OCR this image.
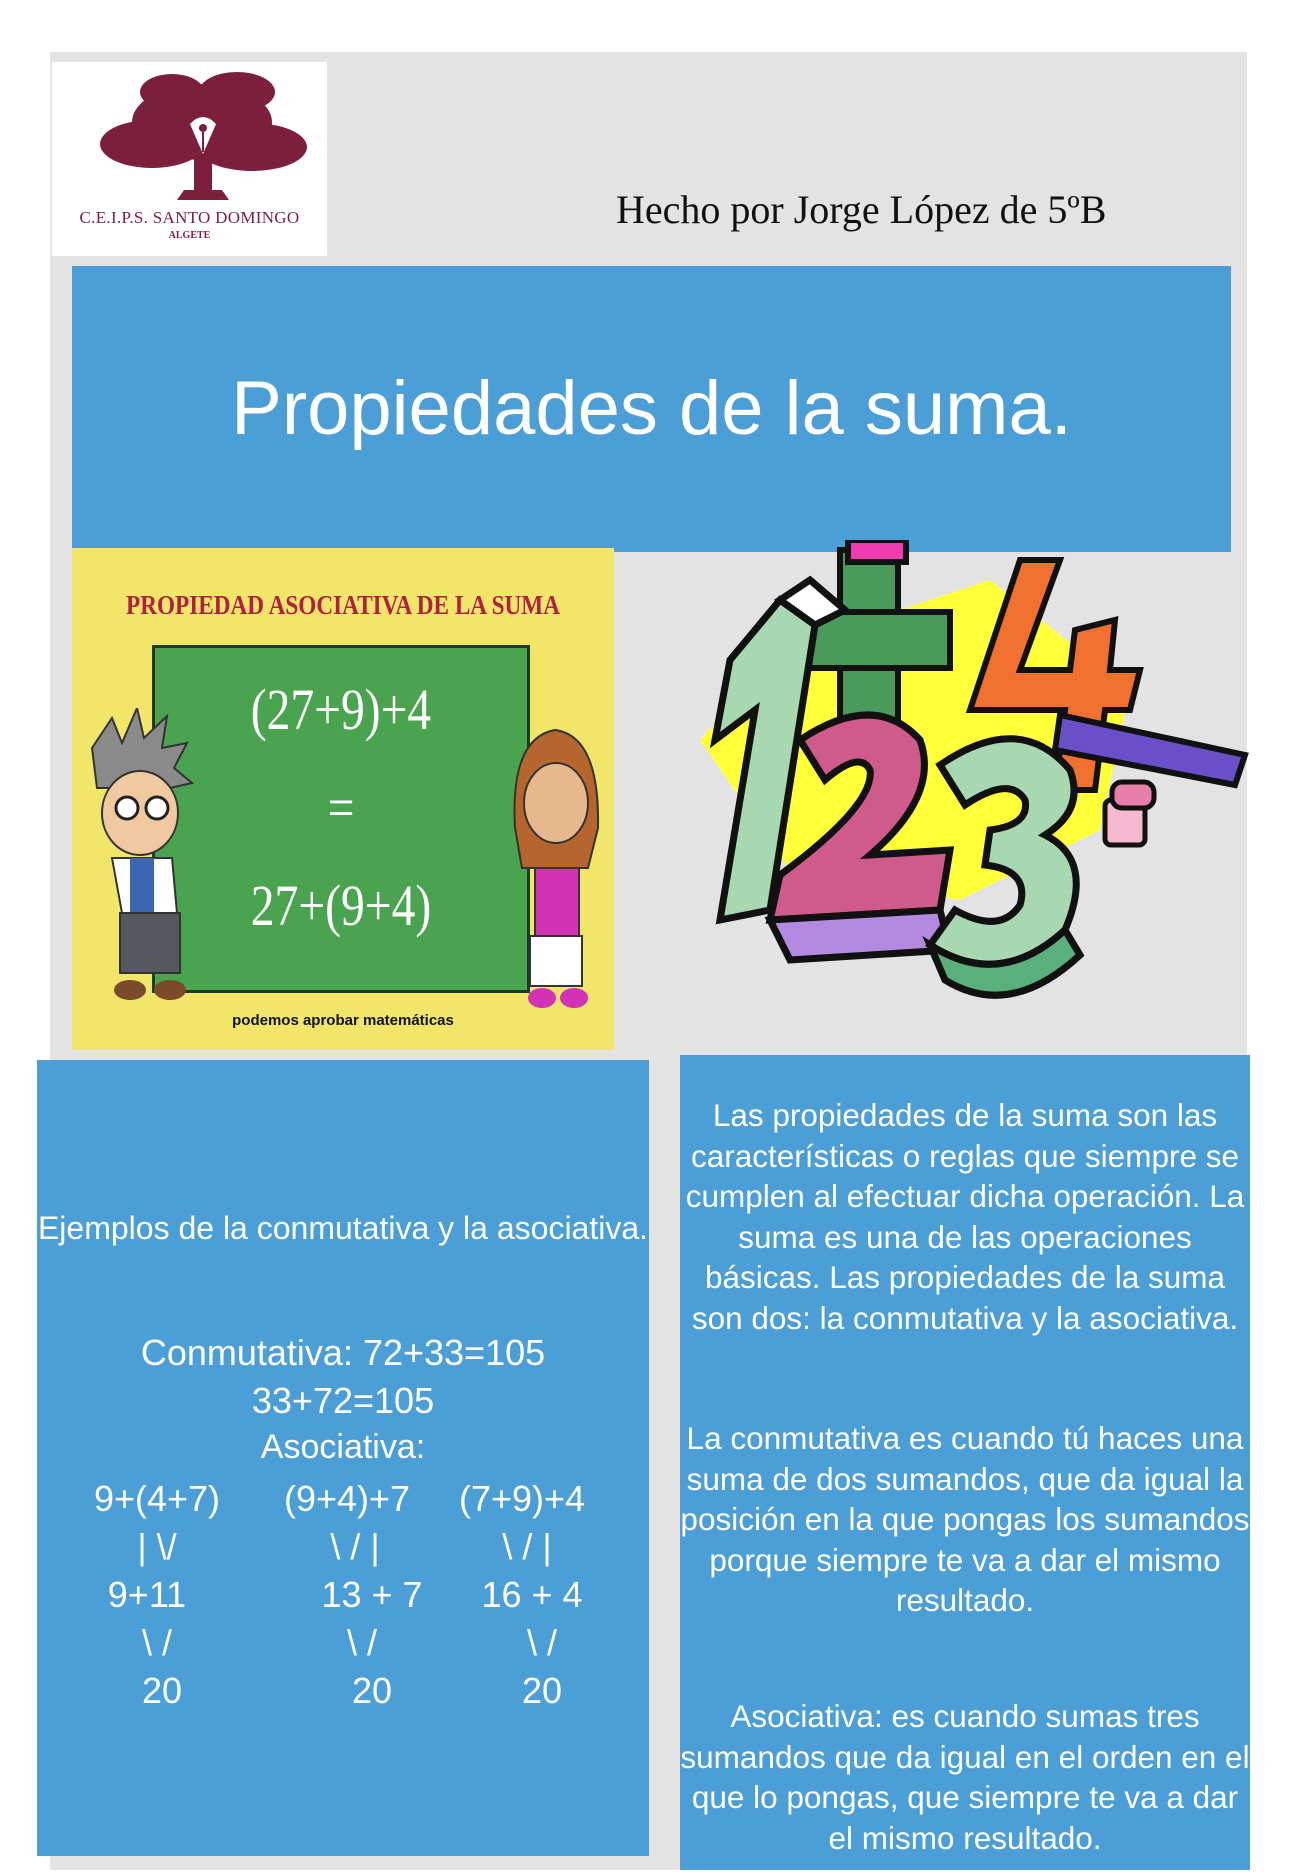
C.E.I.P.S. SANTO DOMINGO
ALGETE
Hecho por Jorge López de 5ºB
Propiedades de la suma.
PROPIEDAD ASOCIATIVA DE LA SUMA
(27+9)+4
=
27+(9+4)
podemos aprobar matemáticas
Ejemplos de la conmutativa y la asociativa.
Conmutativa: 72+33=105
33+72=105
Asociativa:
9+(4+7)
| \/
9+11
\ /
20
(9+4)+7
\ / |
13 + 7
\ /
20
(7+9)+4
\ / |
16 + 4
\ /
20
Las propiedades de la suma son las características o reglas que siempre se cumplen al efectuar dicha operación. La suma es una de las operaciones básicas. Las propiedades de la suma son dos: la conmutativa y la asociativa.
La conmutativa es cuando tú haces una suma de dos sumandos, que da igual la posición en la que pongas los sumandos porque siempre te va a dar el mismo resultado.
Asociativa: es cuando sumas tres sumandos que da igual en el orden en el que lo pongas, que siempre te va a dar el mismo resultado.
